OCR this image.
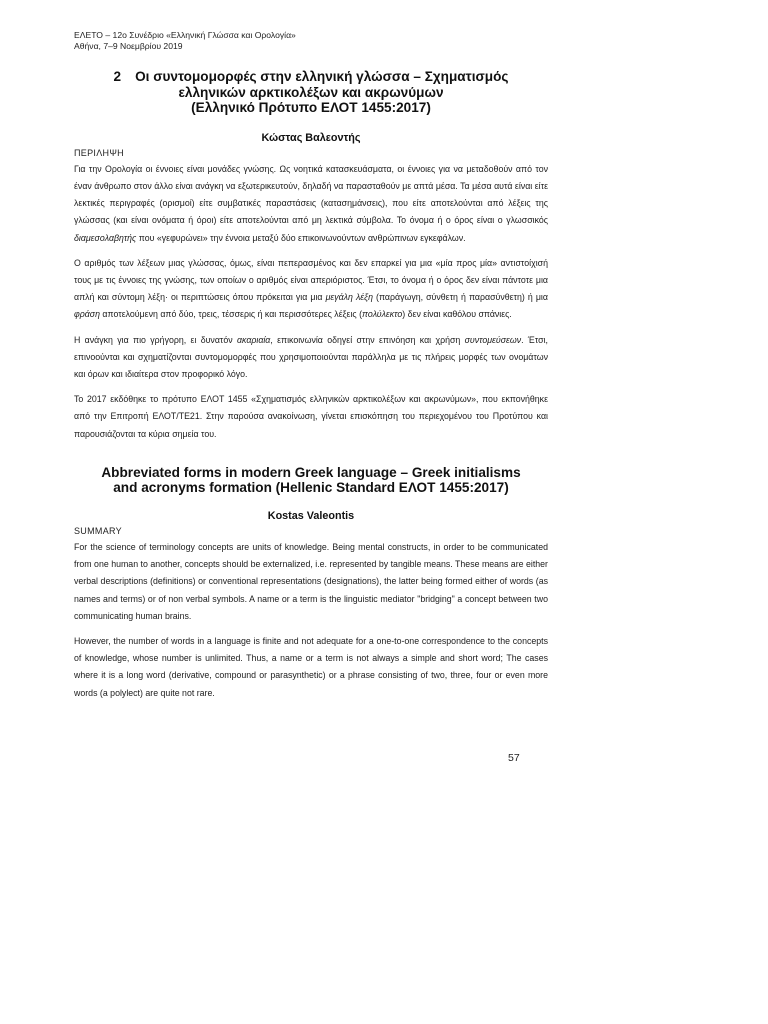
ΕΛΕΤΟ – 12ο Συνέδριο «Ελληνική Γλώσσα και Ορολογία»
Αθήνα, 7–9 Νοεμβρίου 2019
2 Οι συντομομορφές στην ελληνική γλώσσα – Σχηματισμός
ελληνικών αρκτικολέξων και ακρωνύμων
(Ελληνικό Πρότυπο ΕΛΟΤ 1455:2017)
Κώστας Βαλεοντής
ΠΕΡΙΛΗΨΗ

Για την Ορολογία οι έννοιες είναι μονάδες γνώσης. Ως νοητικά κατασκευάσματα, οι έννοιες για να μεταδοθούν από τον έναν άνθρωπο στον άλλο είναι ανάγκη να εξωτερικευτούν, δηλαδή να παρασταθούν με απτά μέσα. Τα μέσα αυτά είναι είτε λεκτικές περιγραφές (ορισμοί) είτε συμβατικές παραστάσεις (κατασημάνσεις), που είτε αποτελούνται από λέξεις της γλώσσας (και είναι ονόματα ή όροι) είτε αποτελούνται από μη λεκτικά σύμβολα. Το όνομα ή ο όρος είναι ο γλωσσικός διαμεσολαβητής που «γεφυρώνει» την έννοια μεταξύ δύο επικοινωνούντων ανθρώπινων εγκεφάλων.

Ο αριθμός των λέξεων μιας γλώσσας, όμως, είναι πεπερασμένος και δεν επαρκεί για μια «μία προς μία» αντιστοίχισή τους με τις έννοιες της γνώσης, των οποίων ο αριθμός είναι απεριόριστος. Έτσι, το όνομα ή ο όρος δεν είναι πάντοτε μια απλή και σύντομη λέξη· οι περιπτώσεις όπου πρόκειται για μια μεγάλη λέξη (παράγωγη, σύνθετη ή παρασύνθετη) ή μια φράση αποτελούμενη από δύο, τρεις, τέσσερις ή και περισσότερες λέξεις (πολύλεκτο) δεν είναι καθόλου σπάνιες.

Η ανάγκη για πιο γρήγορη, ει δυνατόν ακαριαία, επικοινωνία οδηγεί στην επινόηση και χρήση συντομεύσεων. Έτσι, επινοούνται και σχηματίζονται συντομομορφές που χρησιμοποιούνται παράλληλα με τις πλήρεις μορφές των ονομάτων και όρων και ιδιαίτερα στον προφορικό λόγο.

Το 2017 εκδόθηκε το πρότυπο ΕΛΟΤ 1455 «Σχηματισμός ελληνικών αρκτικολέξων και ακρωνύμων», που εκπονήθηκε από την Επιτροπή ΕΛΟΤ/ΤΕ21. Στην παρούσα ανακοίνωση, γίνεται επισκόπηση του περιεχομένου του Προτύπου και παρουσιάζονται τα κύρια σημεία του.

Abbreviated forms in modern Greek language – Greek initialisms
and acronyms formation (Hellenic Standard ΕΛΟΤ 1455:2017)
Kostas Valeontis
SUMMARY

For the science of terminology concepts are units of knowledge. Being mental constructs, in order to be communicated from one human to another, concepts should be externalized, i.e. represented by tangible means. These means are either verbal descriptions (definitions) or conventional representations (designations), the latter being formed either of words (as names and terms) or of non verbal symbols. A name or a term is the linguistic mediator "bridging" a concept between two communicating human brains.

However, the number of words in a language is finite and not adequate for a one-to-one correspondence to the concepts of knowledge, whose number is unlimited. Thus, a name or a term is not always a simple and short word; The cases where it is a long word (derivative, compound or parasynthetic) or a phrase consisting of two, three, four or even more words (a polylect) are quite not rare.

57
